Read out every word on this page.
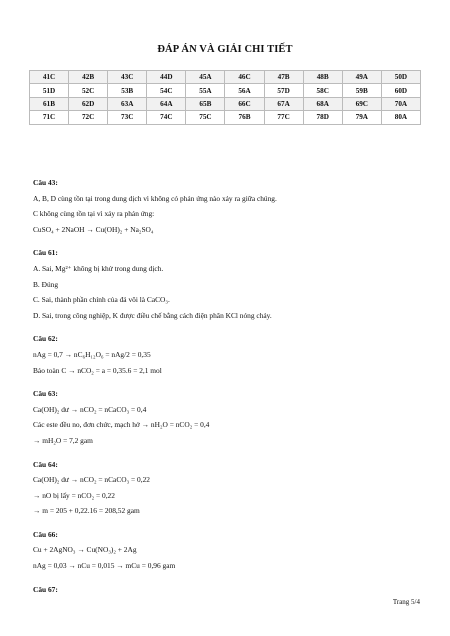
ĐÁP ÁN VÀ GIẢI CHI TIẾT
41C	42B	43C	44D	45A	46C	47B	48B	49A	50D
51D	52C	53B	54C	55A	56A	57D	58C	59B	60D
61B	62D	63A	64A	65B	66C	67A	68A	69C	70A
71C	72C	73C	74C	75C	76B	77C	78D	79A	80A
Câu 43:
A, B, D cùng tồn tại trong dung dịch vì không có phản ứng nào xảy ra giữa chúng.
C không cùng tồn tại vì xảy ra phản ứng:
CuSO₄ + 2NaOH → Cu(OH)₂ + Na₂SO₄
Câu 61:
A. Sai, Mg²⁺ không bị khử trong dung dịch.
B. Đúng
C. Sai, thành phần chính của đá vôi là CaCO₃.
D. Sai, trong công nghiệp, K được điều chế bằng cách điện phân KCl nóng chảy.
Câu 62:
nAg = 0,7 → nC₆H₁₂O₆ = nAg/2 = 0,35
Bảo toàn C → nCO₂ = a = 0,35.6 = 2,1 mol
Câu 63:
Ca(OH)₂ dư → nCO₂ = nCaCO₃ = 0,4
Các este đều no, đơn chức, mạch hở → nH₂O = nCO₂ = 0,4
→ mH₂O = 7,2 gam
Câu 64:
Ca(OH)₂ dư → nCO₂ = nCaCO₃ = 0,22
→ nO bị lấy = nCO₂ = 0,22
→ m = 205 + 0,22.16 = 208,52 gam
Câu 66:
Cu + 2AgNO₃ → Cu(NO₃)₂ + 2Ag
nAg = 0,03 → nCu = 0,015 → mCu = 0,96 gam
Câu 67:
Trang 5/4
